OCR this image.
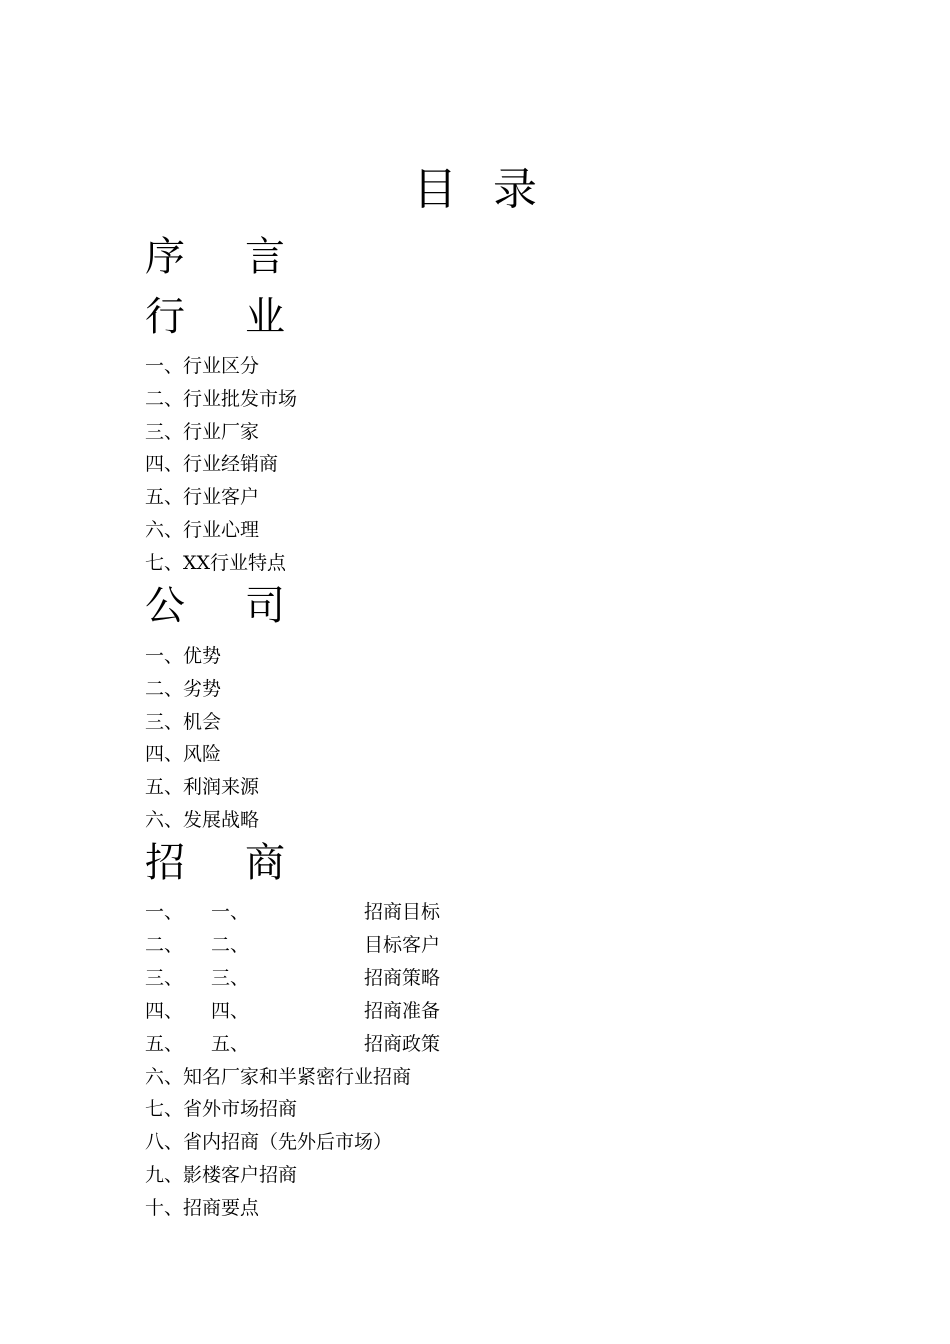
目 录
序 言
行 业
一、行业区分
二、行业批发市场
三、行业厂家
四、行业经销商
五、行业客户
六、行业心理
七、XX行业特点
公 司
一、优势
二、劣势
三、机会
四、风险
五、利润来源
六、发展战略
招 商
一、 一、	招商目标
二、 二、	目标客户
三、 三、	招商策略
四、 四、	招商准备
五、 五、	招商政策
六、知名厂家和半紧密行业招商
七、省外市场招商
八、省内招商（先外后市场）
九、影楼客户招商
十、招商要点
